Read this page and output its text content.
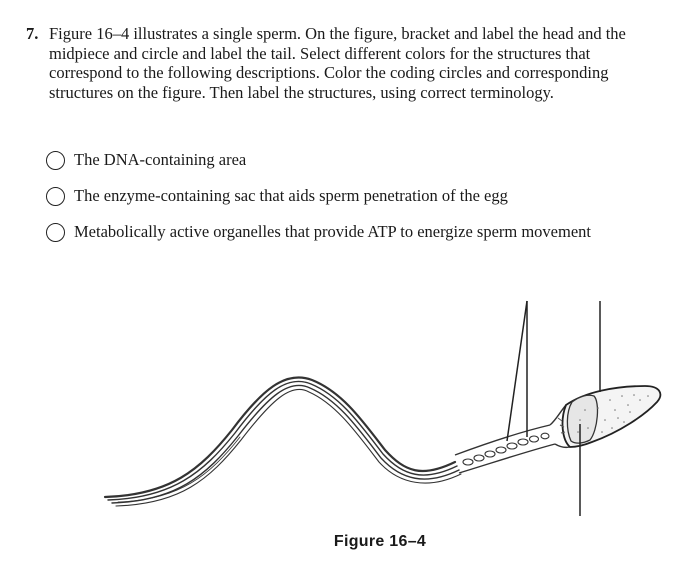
7. Figure 16–4 illustrates a single sperm. On the figure, bracket and label the head and the midpiece and circle and label the tail. Select different colors for the structures that correspond to the following descriptions. Color the coding circles and corresponding structures on the figure. Then label the structures, using correct terminology.
The DNA-containing area
The enzyme-containing sac that aids sperm penetration of the egg
Metabolically active organelles that provide ATP to energize sperm movement
Figure 16–4
